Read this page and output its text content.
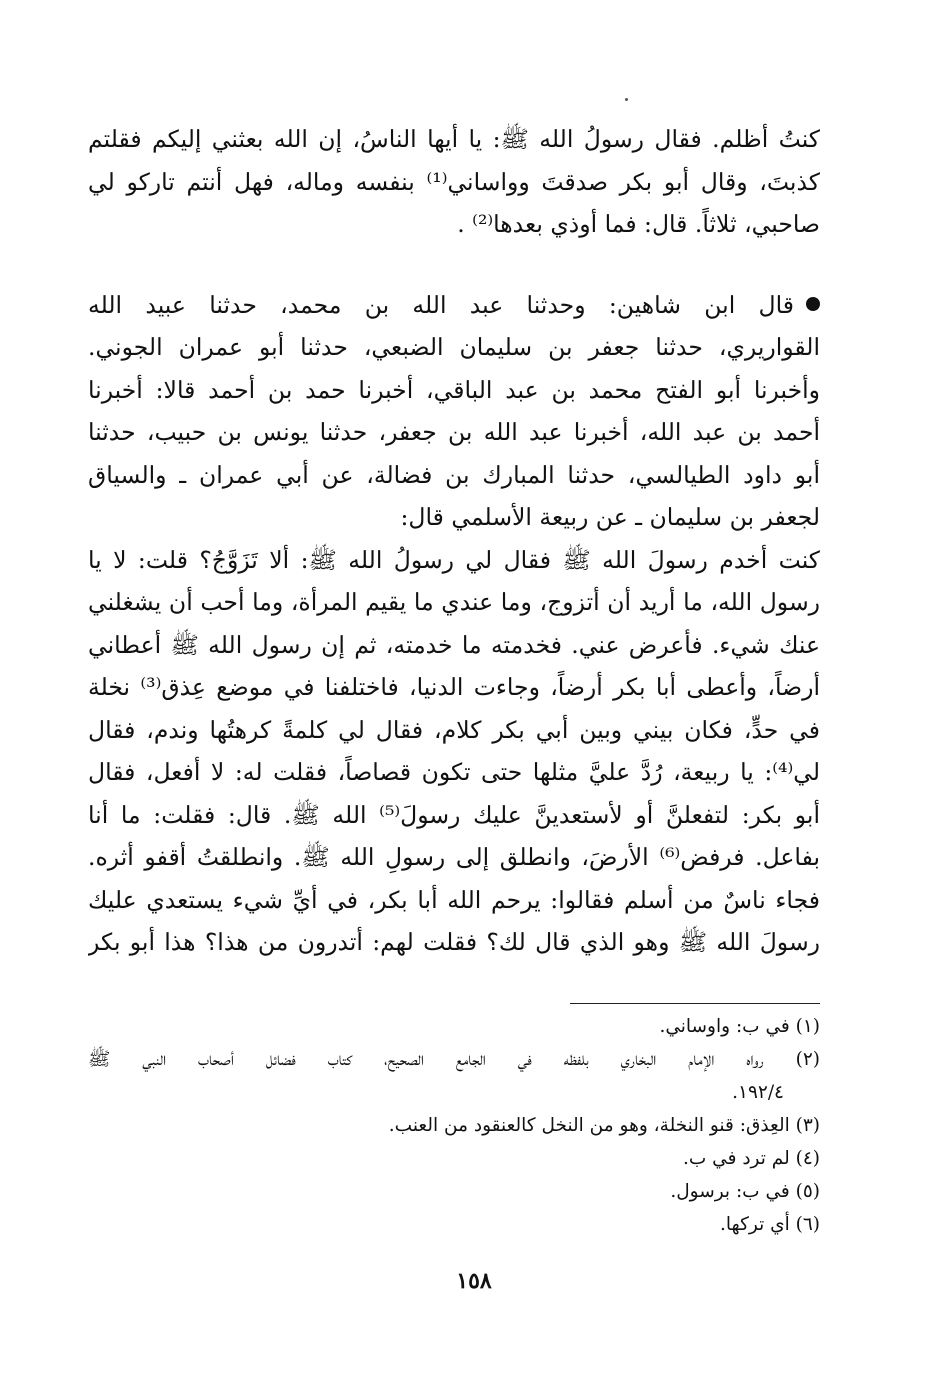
كنتُ أظلم. فقال رسولُ الله ﷺ: يا أيها الناسُ، إن الله بعثني إليكم فقلتم
كذبتَ، وقال أبو بكر صدقتَ وواساني⁽¹⁾ بنفسه وماله، فهل أنتم تاركو لي
صاحبي، ثلاثاً. قال: فما أوذي بعدها⁽²⁾ .
قال ابن شاهين: وحدثنا عبد الله بن محمد، حدثنا عبيد الله
القواريري، حدثنا جعفر بن سليمان الضبعي، حدثنا أبو عمران الجوني.
وأخبرنا أبو الفتح محمد بن عبد الباقي، أخبرنا حمد بن أحمد قالا: أخبرنا
أحمد بن عبد الله، أخبرنا عبد الله بن جعفر، حدثنا يونس بن حبيب، حدثنا
أبو داود الطيالسي، حدثنا المبارك بن فضالة، عن أبي عمران ـ والسياق
لجعفر بن سليمان ـ عن ربيعة الأسلمي قال:
كنت أخدم رسولَ الله ﷺ فقال لي رسولُ الله ﷺ: ألا تَزَوَّجُ؟ قلت: لا يا
رسول الله، ما أريد أن أتزوج، وما عندي ما يقيم المرأة، وما أحب أن يشغلني
عنك شيء. فأعرض عني. فخدمته ما خدمته، ثم إن رسول الله ﷺ أعطاني
أرضاً، وأعطى أبا بكر أرضاً، وجاءت الدنيا، فاختلفنا في موضع عِذق⁽³⁾ نخلة
في حدٍّ، فكان بيني وبين أبي بكر كلام، فقال لي كلمةً كرهتُها وندم، فقال
لي⁽⁴⁾: يا ربيعة، رُدَّ عليَّ مثلها حتى تكون قصاصاً، فقلت له: لا أفعل، فقال
أبو بكر: لتفعلنَّ أو لأستعدينَّ عليك رسولَ⁽⁵⁾ الله ﷺ. قال: فقلت: ما أنا
بفاعل. فرفض⁽⁶⁾ الأرضَ، وانطلق إلى رسولِ الله ﷺ. وانطلقتُ أقفو أثره.
فجاء ناسٌ من أسلم فقالوا: يرحم الله أبا بكر، في أيِّ شيء يستعدي عليك
رسولَ الله ﷺ وهو الذي قال لك؟ فقلت لهم: أتدرون من هذا؟ هذا أبو بكر
(١) في ب: واوساني.
(٢) رواه الإمام البخاري بلفظه في الجامع الصحيح، كتاب فضائل أصحاب النبي ﷺ
١٩٢/٤.
(٣) العِذق: قنو النخلة، وهو من النخل كالعنقود من العنب.
(٤) لم ترد في ب.
(٥) في ب: برسول.
(٦) أي تركها.
١٥٨
